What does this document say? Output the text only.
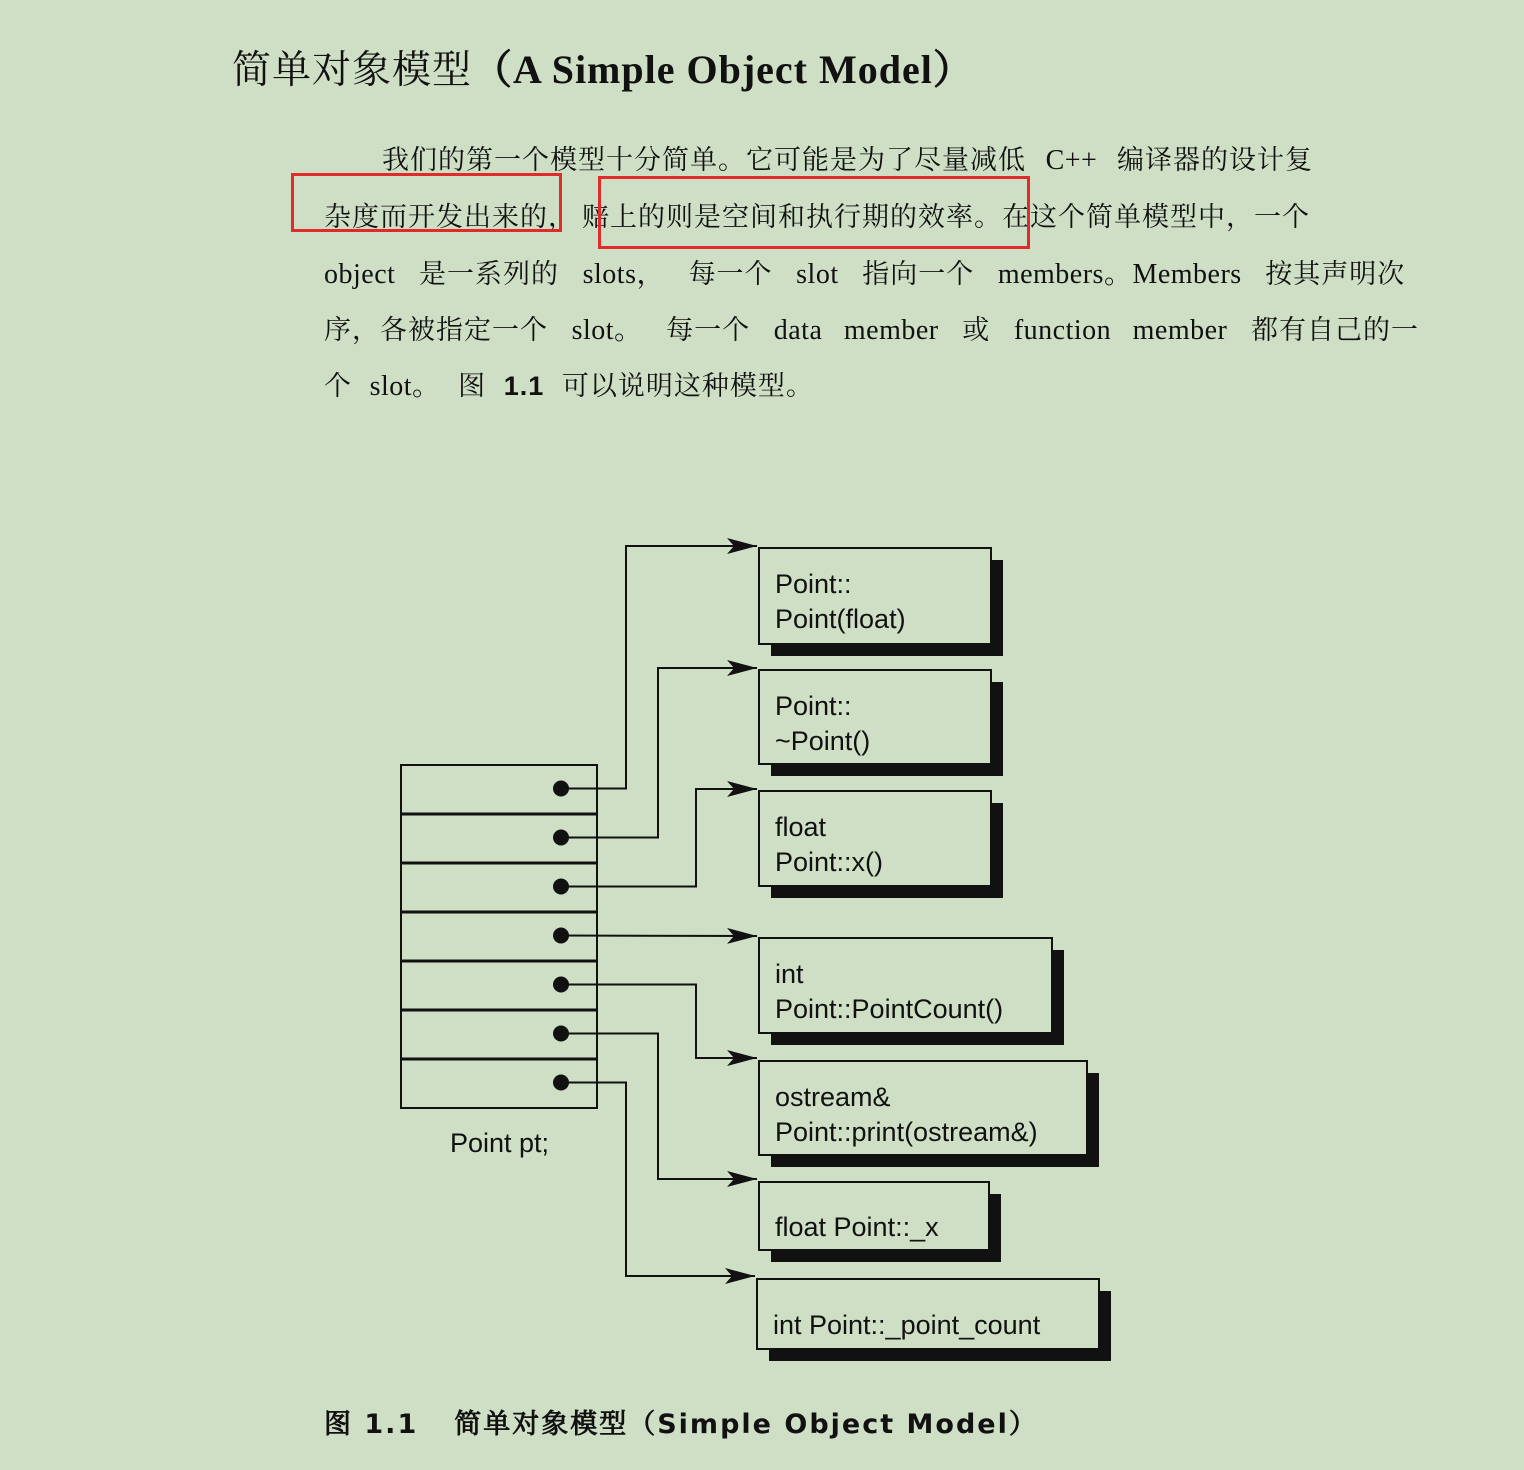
简单对象模型（A Simple Object Model）
我们的第一个模型十分简单。它可能是为了尽量减低 C++ 编译器的设计复
杂度而开发出来的， 赔上的则是空间和执行期的效率。在这个简单模型中，一个
object 是一系列的 slots， 每一个 slot 指向一个 members。Members 按其声明次
序，各被指定一个 slot。 每一个 data member 或 function member 都有自己的一
个 slot。 图 1.1 可以说明这种模型。
Point::
Point(float)
Point::
~Point()
float
Point::x()
int
Point::PointCount()
ostream&
Point::print(ostream&)
float Point::_x
int Point::_point_count
Point pt;
图 1.1 简单对象模型（Simple Object Model）
